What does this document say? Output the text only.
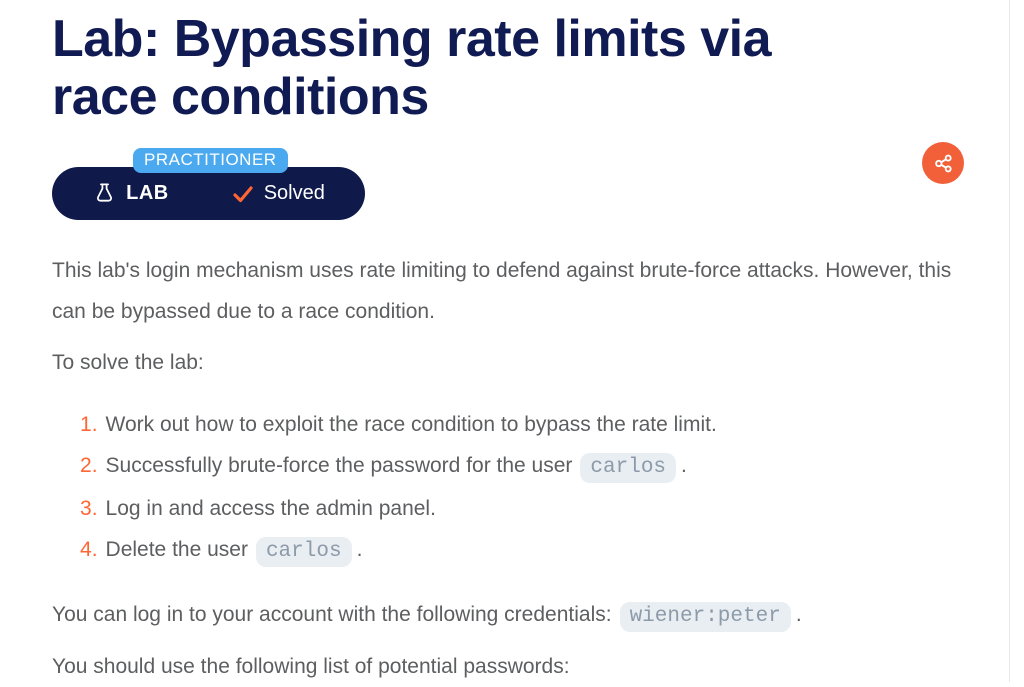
Lab: Bypassing rate limits via race conditions
PRACTITIONER
LAB	Solved

This lab's login mechanism uses rate limiting to defend against brute-force attacks. However, this can be bypassed due to a race condition.

To solve the lab:

Work out how to exploit the race condition to bypass the rate limit.
Successfully brute-force the password for the user carlos .
Log in and access the admin panel.
Delete the user carlos .

You can log in to your account with the following credentials: wiener:peter .

You should use the following list of potential passwords:
